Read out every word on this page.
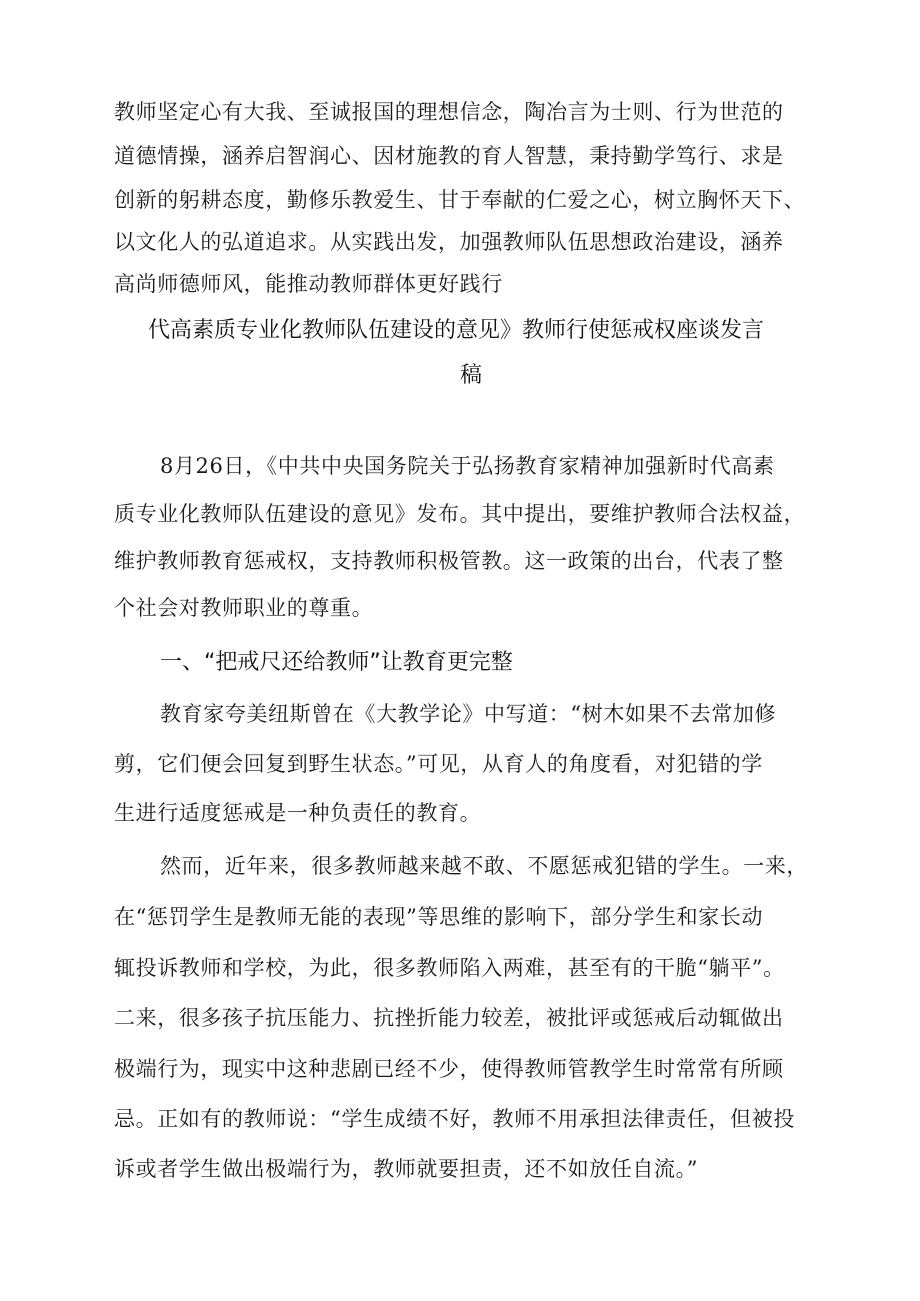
教师坚定心有大我、至诚报国的理想信念，陶冶言为士则、行为世范的
道德情操，涵养启智润心、因材施教的育人智慧，秉持勤学笃行、求是
创新的躬耕态度，勤修乐教爱生、甘于奉献的仁爱之心，树立胸怀天下、
以文化人的弘道追求。从实践出发，加强教师队伍思想政治建设，涵养
高尚师德师风，能推动教师群体更好践行
代高素质专业化教师队伍建设的意见》教师行使惩戒权座谈发言
稿
8月26日，《中共中央国务院关于弘扬教育家精神加强新时代高素
质专业化教师队伍建设的意见》发布。其中提出，要维护教师合法权益，
维护教师教育惩戒权，支持教师积极管教。这一政策的出台，代表了整
个社会对教师职业的尊重。
一、“把戒尺还给教师”让教育更完整
教育家夸美纽斯曾在《大教学论》中写道：“树木如果不去常加修
剪，它们便会回复到野生状态。”可见，从育人的角度看，对犯错的学
生进行适度惩戒是一种负责任的教育。
然而，近年来，很多教师越来越不敢、不愿惩戒犯错的学生。一来，
在“惩罚学生是教师无能的表现”等思维的影响下，部分学生和家长动
辄投诉教师和学校，为此，很多教师陷入两难，甚至有的干脆“躺平”。
二来，很多孩子抗压能力、抗挫折能力较差，被批评或惩戒后动辄做出
极端行为，现实中这种悲剧已经不少，使得教师管教学生时常常有所顾
忌。正如有的教师说：“学生成绩不好，教师不用承担法律责任，但被投
诉或者学生做出极端行为，教师就要担责，还不如放任自流。”
